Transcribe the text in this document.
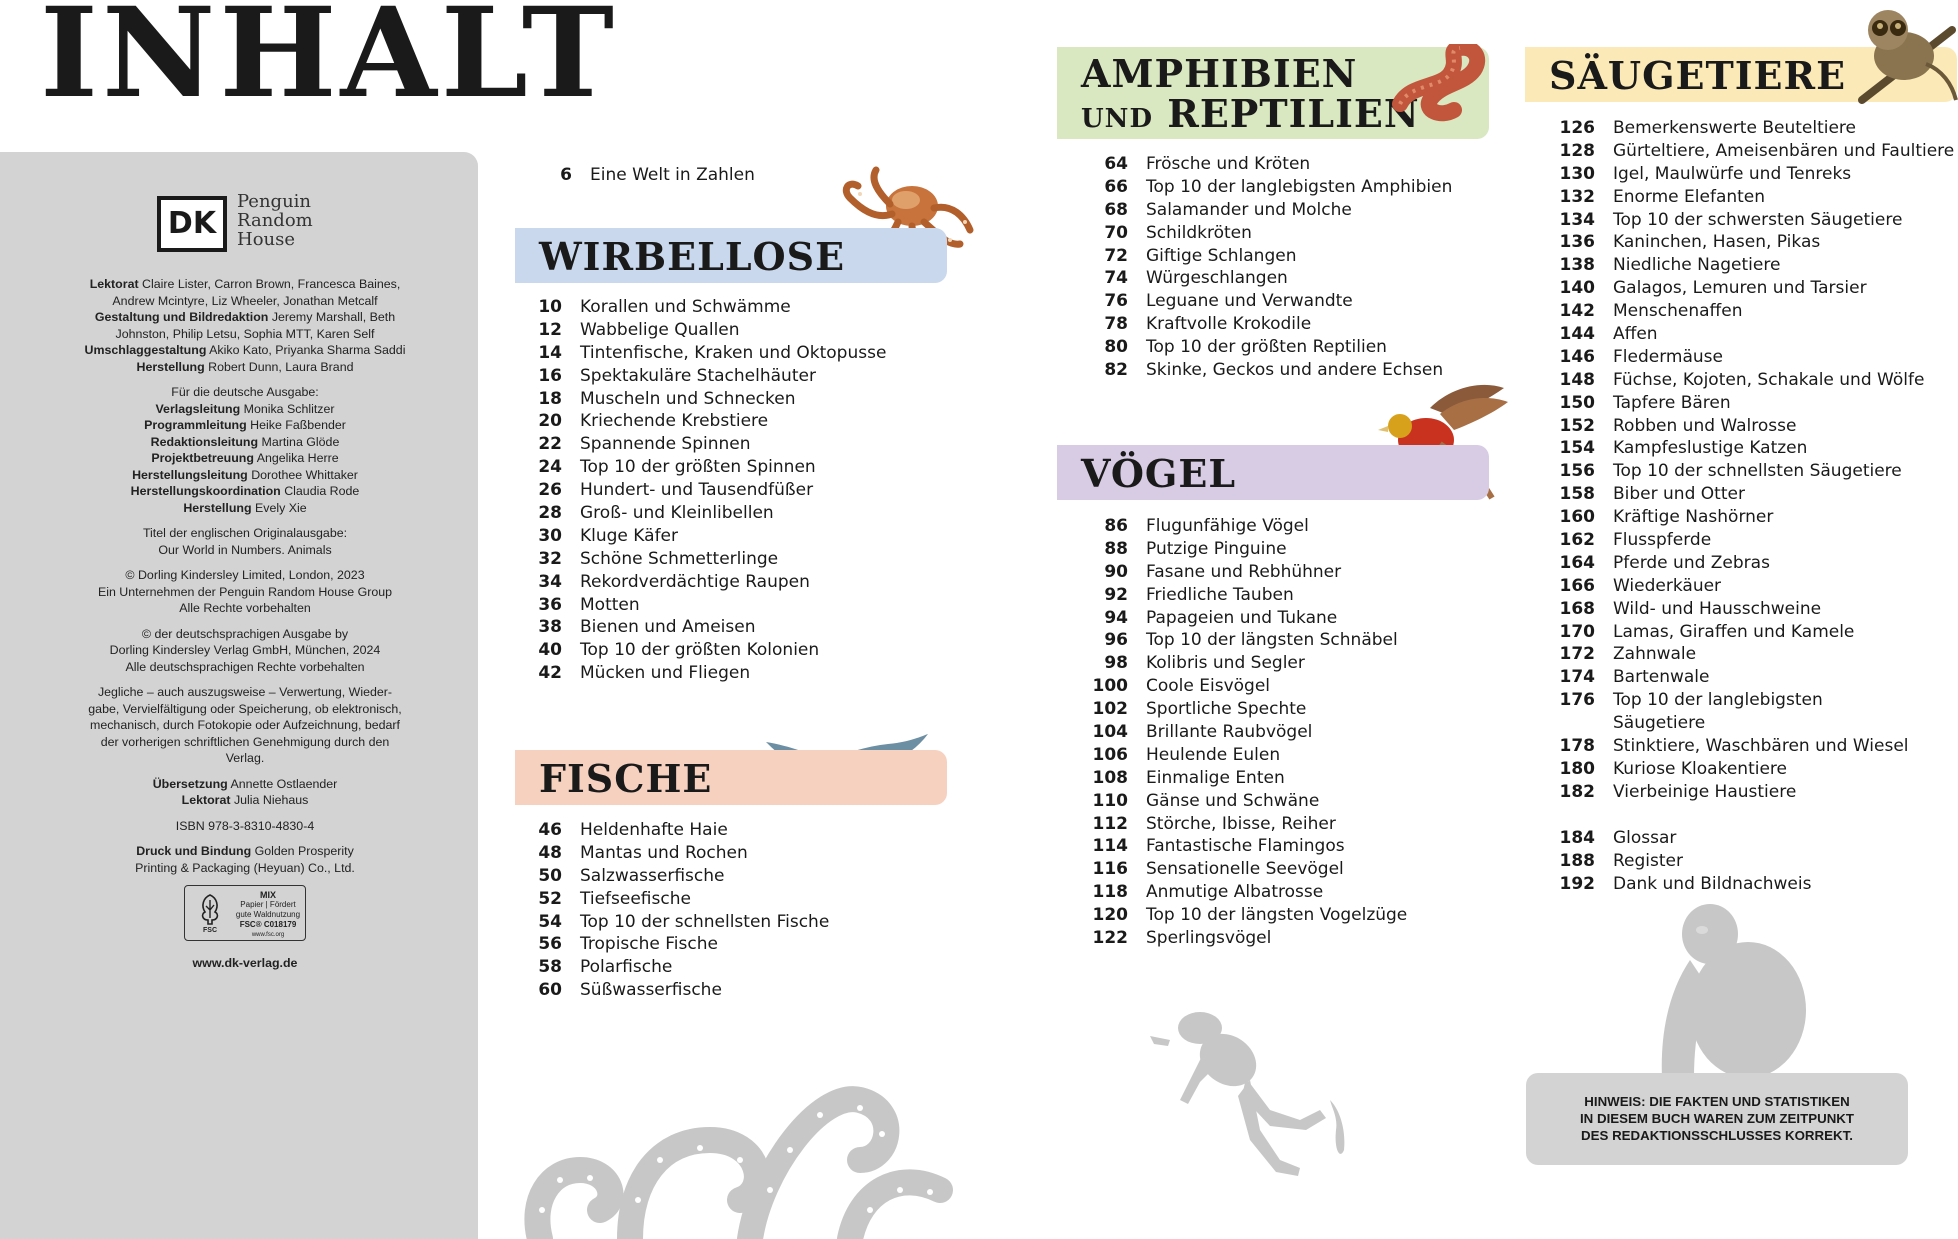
INHALT
DK
Penguin
Random
House
Lektorat Claire Lister, Carron Brown, Francesca Baines,
Andrew Mcintyre, Liz Wheeler, Jonathan Metcalf
Gestaltung und Bildredaktion Jeremy Marshall, Beth
Johnston, Philip Letsu, Sophia MTT, Karen Self
Umschlaggestaltung Akiko Kato, Priyanka Sharma Saddi
Herstellung Robert Dunn, Laura Brand
Für die deutsche Ausgabe:
Verlagsleitung Monika Schlitzer
Programmleitung Heike Faßbender
Redaktionsleitung Martina Glöde
Projektbetreuung Angelika Herre
Herstellungsleitung Dorothee Whittaker
Herstellungskoordination Claudia Rode
Herstellung Evely Xie
Titel der englischen Originalausgabe:
Our World in Numbers. Animals
© Dorling Kindersley Limited, London, 2023
Ein Unternehmen der Penguin Random House Group
Alle Rechte vorbehalten
© der deutschsprachigen Ausgabe by
Dorling Kindersley Verlag GmbH, München, 2024
Alle deutschsprachigen Rechte vorbehalten
Jegliche – auch auszugsweise – Verwertung, Wieder-
gabe, Vervielfältigung oder Speicherung, ob elektronisch,
mechanisch, durch Fotokopie oder Aufzeichnung, bedarf
der vorherigen schriftlichen Genehmigung durch den
Verlag.
Übersetzung Annette Ostlaender
Lektorat Julia Niehaus
ISBN 978-3-8310-4830-4
Druck und Bindung Golden Prosperity
Printing & Packaging (Heyuan) Co., Ltd.
FSC
MIX
Papier | Fördert
gute Waldnutzung
FSC® C018179
www.fsc.org
www.dk-verlag.de
6 Eine Welt in Zahlen
WIRBELLOSE
10 Korallen und Schwämme
12 Wabbelige Quallen
14 Tintenfische, Kraken und Oktopusse
16 Spektakuläre Stachelhäuter
18 Muscheln und Schnecken
20 Kriechende Krebstiere
22 Spannende Spinnen
24 Top 10 der größten Spinnen
26 Hundert- und Tausendfüßer
28 Groß- und Kleinlibellen
30 Kluge Käfer
32 Schöne Schmetterlinge
34 Rekordverdächtige Raupen
36 Motten
38 Bienen und Ameisen
40 Top 10 der größten Kolonien
42 Mücken und Fliegen
FISCHE
46 Heldenhafte Haie
48 Mantas und Rochen
50 Salzwasserfische
52 Tiefseefische
54 Top 10 der schnellsten Fische
56 Tropische Fische
58 Polarfische
60 Süßwasserfische
AMPHIBIEN
UND REPTILIEN
64 Frösche und Kröten
66 Top 10 der langlebigsten Amphibien
68 Salamander und Molche
70 Schildkröten
72 Giftige Schlangen
74 Würgeschlangen
76 Leguane und Verwandte
78 Kraftvolle Krokodile
80 Top 10 der größten Reptilien
82 Skinke, Geckos und andere Echsen
VÖGEL
86 Flugunfähige Vögel
88 Putzige Pinguine
90 Fasane und Rebhühner
92 Friedliche Tauben
94 Papageien und Tukane
96 Top 10 der längsten Schnäbel
98 Kolibris und Segler
100 Coole Eisvögel
102 Sportliche Spechte
104 Brillante Raubvögel
106 Heulende Eulen
108 Einmalige Enten
110 Gänse und Schwäne
112 Störche, Ibisse, Reiher
114 Fantastische Flamingos
116 Sensationelle Seevögel
118 Anmutige Albatrosse
120 Top 10 der längsten Vogelzüge
122 Sperlingsvögel
SÄUGETIERE
126 Bemerkenswerte Beuteltiere
128 Gürteltiere, Ameisenbären und Faultiere
130 Igel, Maulwürfe und Tenreks
132 Enorme Elefanten
134 Top 10 der schwersten Säugetiere
136 Kaninchen, Hasen, Pikas
138 Niedliche Nagetiere
140 Galagos, Lemuren und Tarsier
142 Menschenaffen
144 Affen
146 Fledermäuse
148 Füchse, Kojoten, Schakale und Wölfe
150 Tapfere Bären
152 Robben und Walrosse
154 Kampfeslustige Katzen
156 Top 10 der schnellsten Säugetiere
158 Biber und Otter
160 Kräftige Nashörner
162 Flusspferde
164 Pferde und Zebras
166 Wiederkäuer
168 Wild- und Hausschweine
170 Lamas, Giraffen und Kamele
172 Zahnwale
174 Bartenwale
176 Top 10 der langlebigsten Säugetiere
178 Stinktiere, Waschbären und Wiesel
180 Kuriose Kloakentiere
182 Vierbeinige Haustiere
184 Glossar
188 Register
192 Dank und Bildnachweis
HINWEIS: DIE FAKTEN UND STATISTIKEN
IN DIESEM BUCH WAREN ZUM ZEITPUNKT
DES REDAKTIONSSCHLUSSES KORREKT.
